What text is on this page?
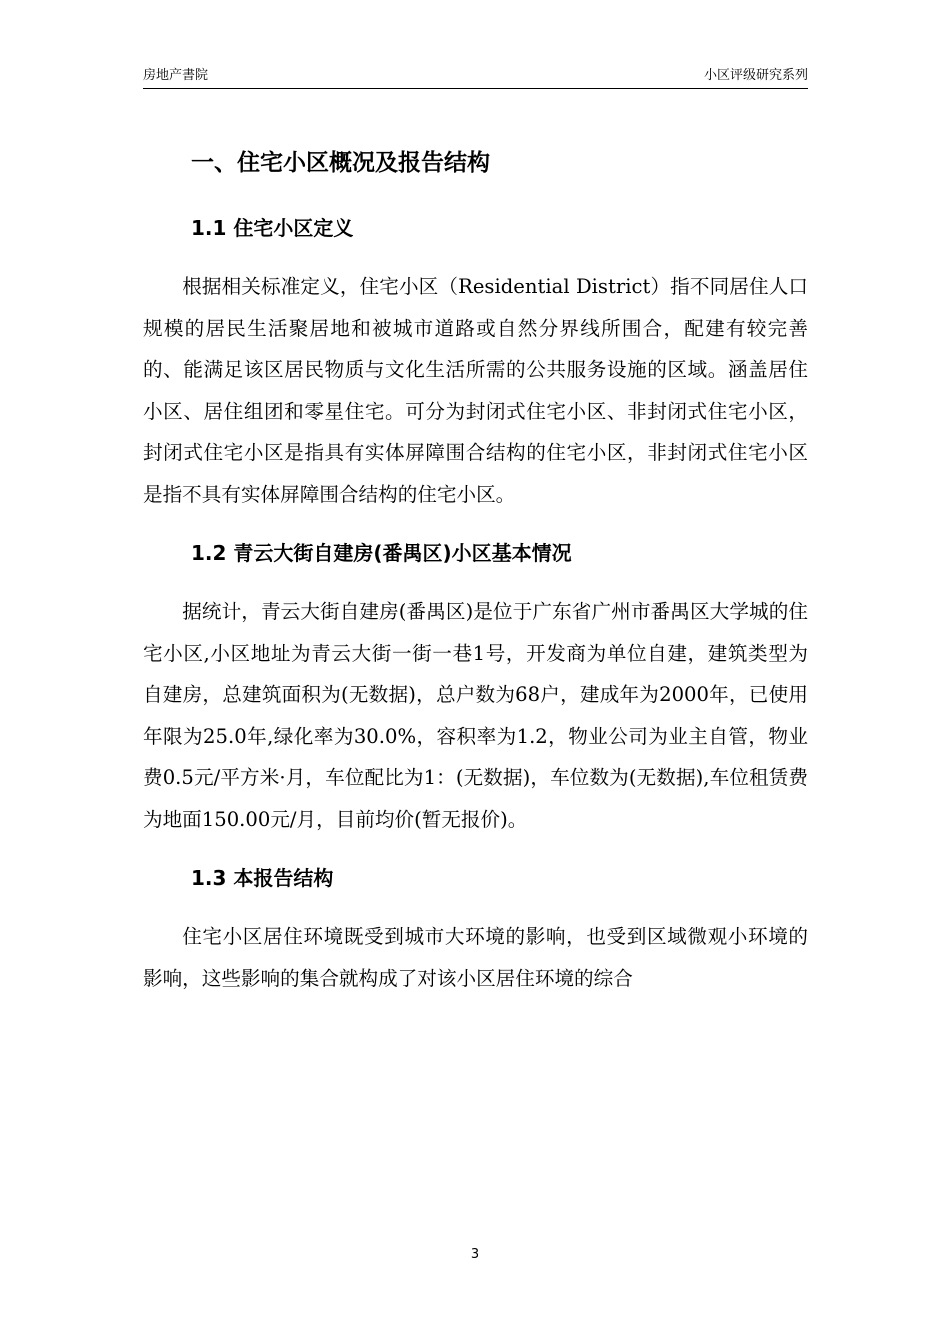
房地产書院	小区评级研究系列
一、住宅小区概况及报告结构
1.1 住宅小区定义

根据相关标准定义，住宅小区（Residential District）指不同居住人口规模的居民生活聚居地和被城市道路或自然分界线所围合，配建有较完善的、能满足该区居民物质与文化生活所需的公共服务设施的区域。涵盖居住小区、居住组团和零星住宅。可分为封闭式住宅小区、非封闭式住宅小区，封闭式住宅小区是指具有实体屏障围合结构的住宅小区，非封闭式住宅小区是指不具有实体屏障围合结构的住宅小区。

1.2 青云大街自建房(番禺区)小区基本情况

据统计，青云大街自建房(番禺区)是位于广东省广州市番禺区大学城的住宅小区,小区地址为青云大街一街一巷1号，开发商为单位自建，建筑类型为自建房，总建筑面积为(无数据)，总户数为68户，建成年为2000年，已使用年限为25.0年,绿化率为30.0%，容积率为1.2，物业公司为业主自管，物业费0.5元/平方米·月，车位配比为1：(无数据)，车位数为(无数据),车位租赁费为地面150.00元/月，目前均价(暂无报价)。

1.3 本报告结构

住宅小区居住环境既受到城市大环境的影响，也受到区域微观小环境的影响，这些影响的集合就构成了对该小区居住环境的综合

3
